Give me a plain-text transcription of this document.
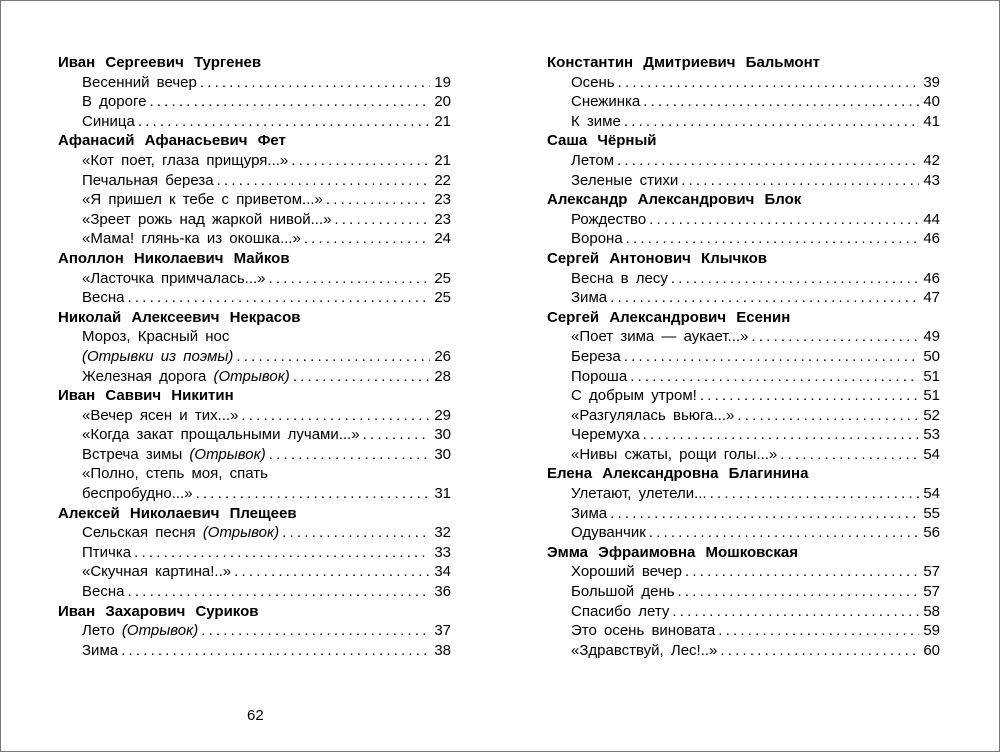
Иван Сергеевич Тургенев
Весенний вечер .....	19
В дороге .....	20
Синица .....	21
Афанасий Афанасьевич Фет
«Кот поет, глаза прищуря...» .....	21
Печальная береза .....	22
«Я пришел к тебе с приветом...» .....	23
«Зреет рожь над жаркой нивой...» .....	23
«Мама! глянь-ка из окошка...» .....	24
Аполлон Николаевич Майков
«Ласточка примчалась...» .....	25
Весна .....	25
Николай Алексеевич Некрасов
Мороз, Красный нос
(Отрывки из поэмы) .....	26
Железная дорога (Отрывок) .....	28
Иван Саввич Никитин
«Вечер ясен и тих...» .....	29
«Когда закат прощальными лучами...» .....	30
Встреча зимы (Отрывок) .....	30
«Полно, степь моя, спать
беспробудно...» .....	31
Алексей Николаевич Плещеев
Сельская песня (Отрывок) .....	32
Птичка .....	33
«Скучная картина!..» .....	34
Весна .....	36
Иван Захарович Суриков
Лето (Отрывок) .....	37
Зима .....	38
Константин Дмитриевич Бальмонт
Осень .....	39
Снежинка .....	40
К зиме .....	41
Саша Чёрный
Летом .....	42
Зеленые стихи .....	43
Александр Александрович Блок
Рождество .....	44
Ворона .....	46
Сергей Антонович Клычков
Весна в лесу .....	46
Зима .....	47
Сергей Александрович Есенин
«Поет зима — аукает...» .....	49
Береза .....	50
Пороша .....	51
С добрым утром! .....	51
«Разгулялась вьюга...» .....	52
Черемуха .....	53
«Нивы сжаты, рощи голы...» .....	54
Елена Александровна Благинина
Улетают, улетели... .....	54
Зима .....	55
Одуванчик .....	56
Эмма Эфраимовна Мошковская
Хороший вечер .....	57
Большой день .....	57
Спасибо лету .....	58
Это осень виновата .....	59
«Здравствуй, Лес!..» .....	60
62
